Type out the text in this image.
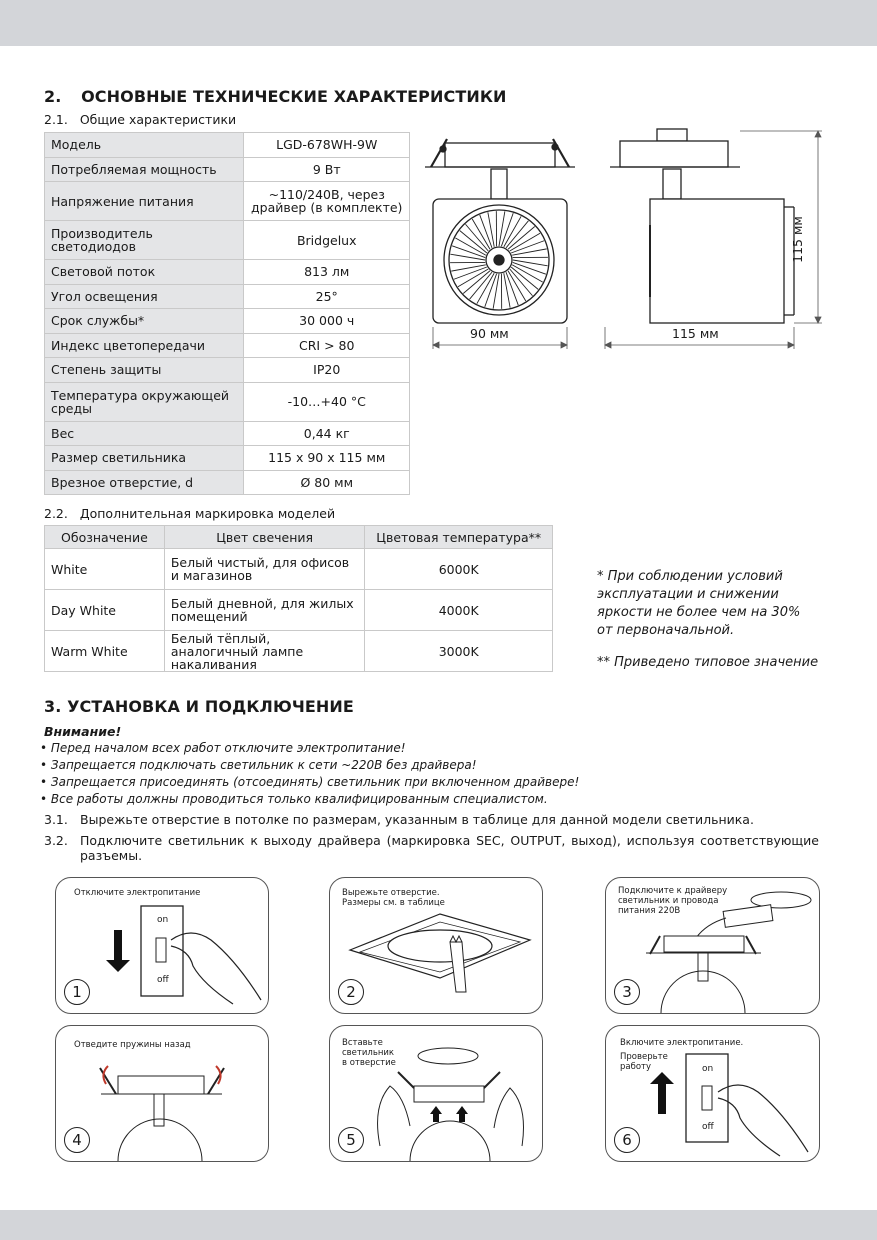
2. ОСНОВНЫЕ ТЕХНИЧЕСКИЕ ХАРАКТЕРИСТИКИ
2.1. Общие характеристики
Модель	LGD-678WH-9W
Потребляемая мощность	9 Вт
Напряжение питания	~110/240В, через драйвер (в комплекте)
Производитель светодиодов	Bridgelux
Световой поток	813 лм
Угол освещения	25°
Срок службы*	30 000 ч
Индекс цветопередачи	CRI > 80
Степень защиты	IP20
Температура окружающей среды	-10…+40 °C
Вес	0,44 кг
Размер светильника	115 x 90 x 115 мм
Врезное отверстие, d	Ø 80 мм
90 мм	115 мм
115 мм
2.2. Дополнительная маркировка моделей
Обозначение	Цвет свечения	Цветовая температура**
White	Белый чистый, для офисов и магазинов	6000K
Day White	Белый дневной, для жилых помещений	4000K
Warm White	Белый тёплый, аналогичный лампе накаливания	3000K
* При соблюдении условий эксплуатации и снижении яркости не более чем на 30% от первоначальной.
** Приведено типовое значение
3. УСТАНОВКА И ПОДКЛЮЧЕНИЕ
Внимание!
• Перед началом всех работ отключите электропитание!
• Запрещается подключать светильник к сети ~220В без драйвера!
• Запрещается присоединять (отсоединять) светильник при включенном драйвере!
• Все работы должны проводиться только квалифицированным специалистом.
3.1. Вырежьте отверстие в потолке по размерам, указанным в таблице для данной модели светильника.
3.2. Подключите светильник к выходу драйвера (маркировка SEC, OUTPUT, выход), используя соответствующие разъемы.
Отключите электропитание
on
off
1
Вырежьте отверстие.
Размеры см. в таблице
2
Подключите к драйверу
светильник и провода
питания 220В
3
Отведите пружины назад
4
Вставьте
светильник
в отверстие
5
Включите электропитание.
Проверьте
работу	on
off
6
